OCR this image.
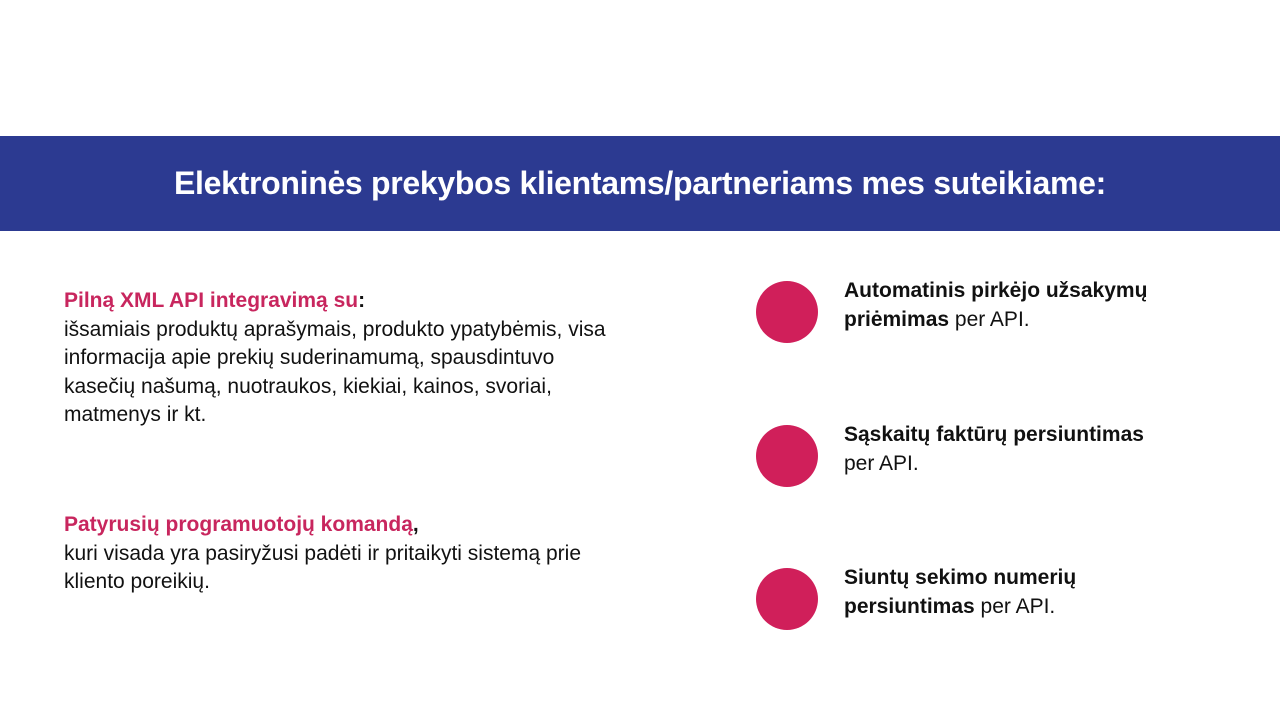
Elektroninės prekybos klientams/partneriams mes suteikiame:
Pilną XML API integravimą su:
išsamiais produktų aprašymais, produkto ypatybėmis, visa informacija apie prekių suderinamumą, spausdintuvo kasečių našumą, nuotraukos, kiekiai, kainos, svoriai, matmenys ir kt.
Patyrusių programuotojų komandą,
kuri visada yra pasiryžusi padėti ir pritaikyti sistemą prie kliento poreikių.
Automatinis pirkėjo užsakymų priėmimas per API.
Sąskaitų faktūrų persiuntimas
per API.
Siuntų sekimo numerių persiuntimas per API.
